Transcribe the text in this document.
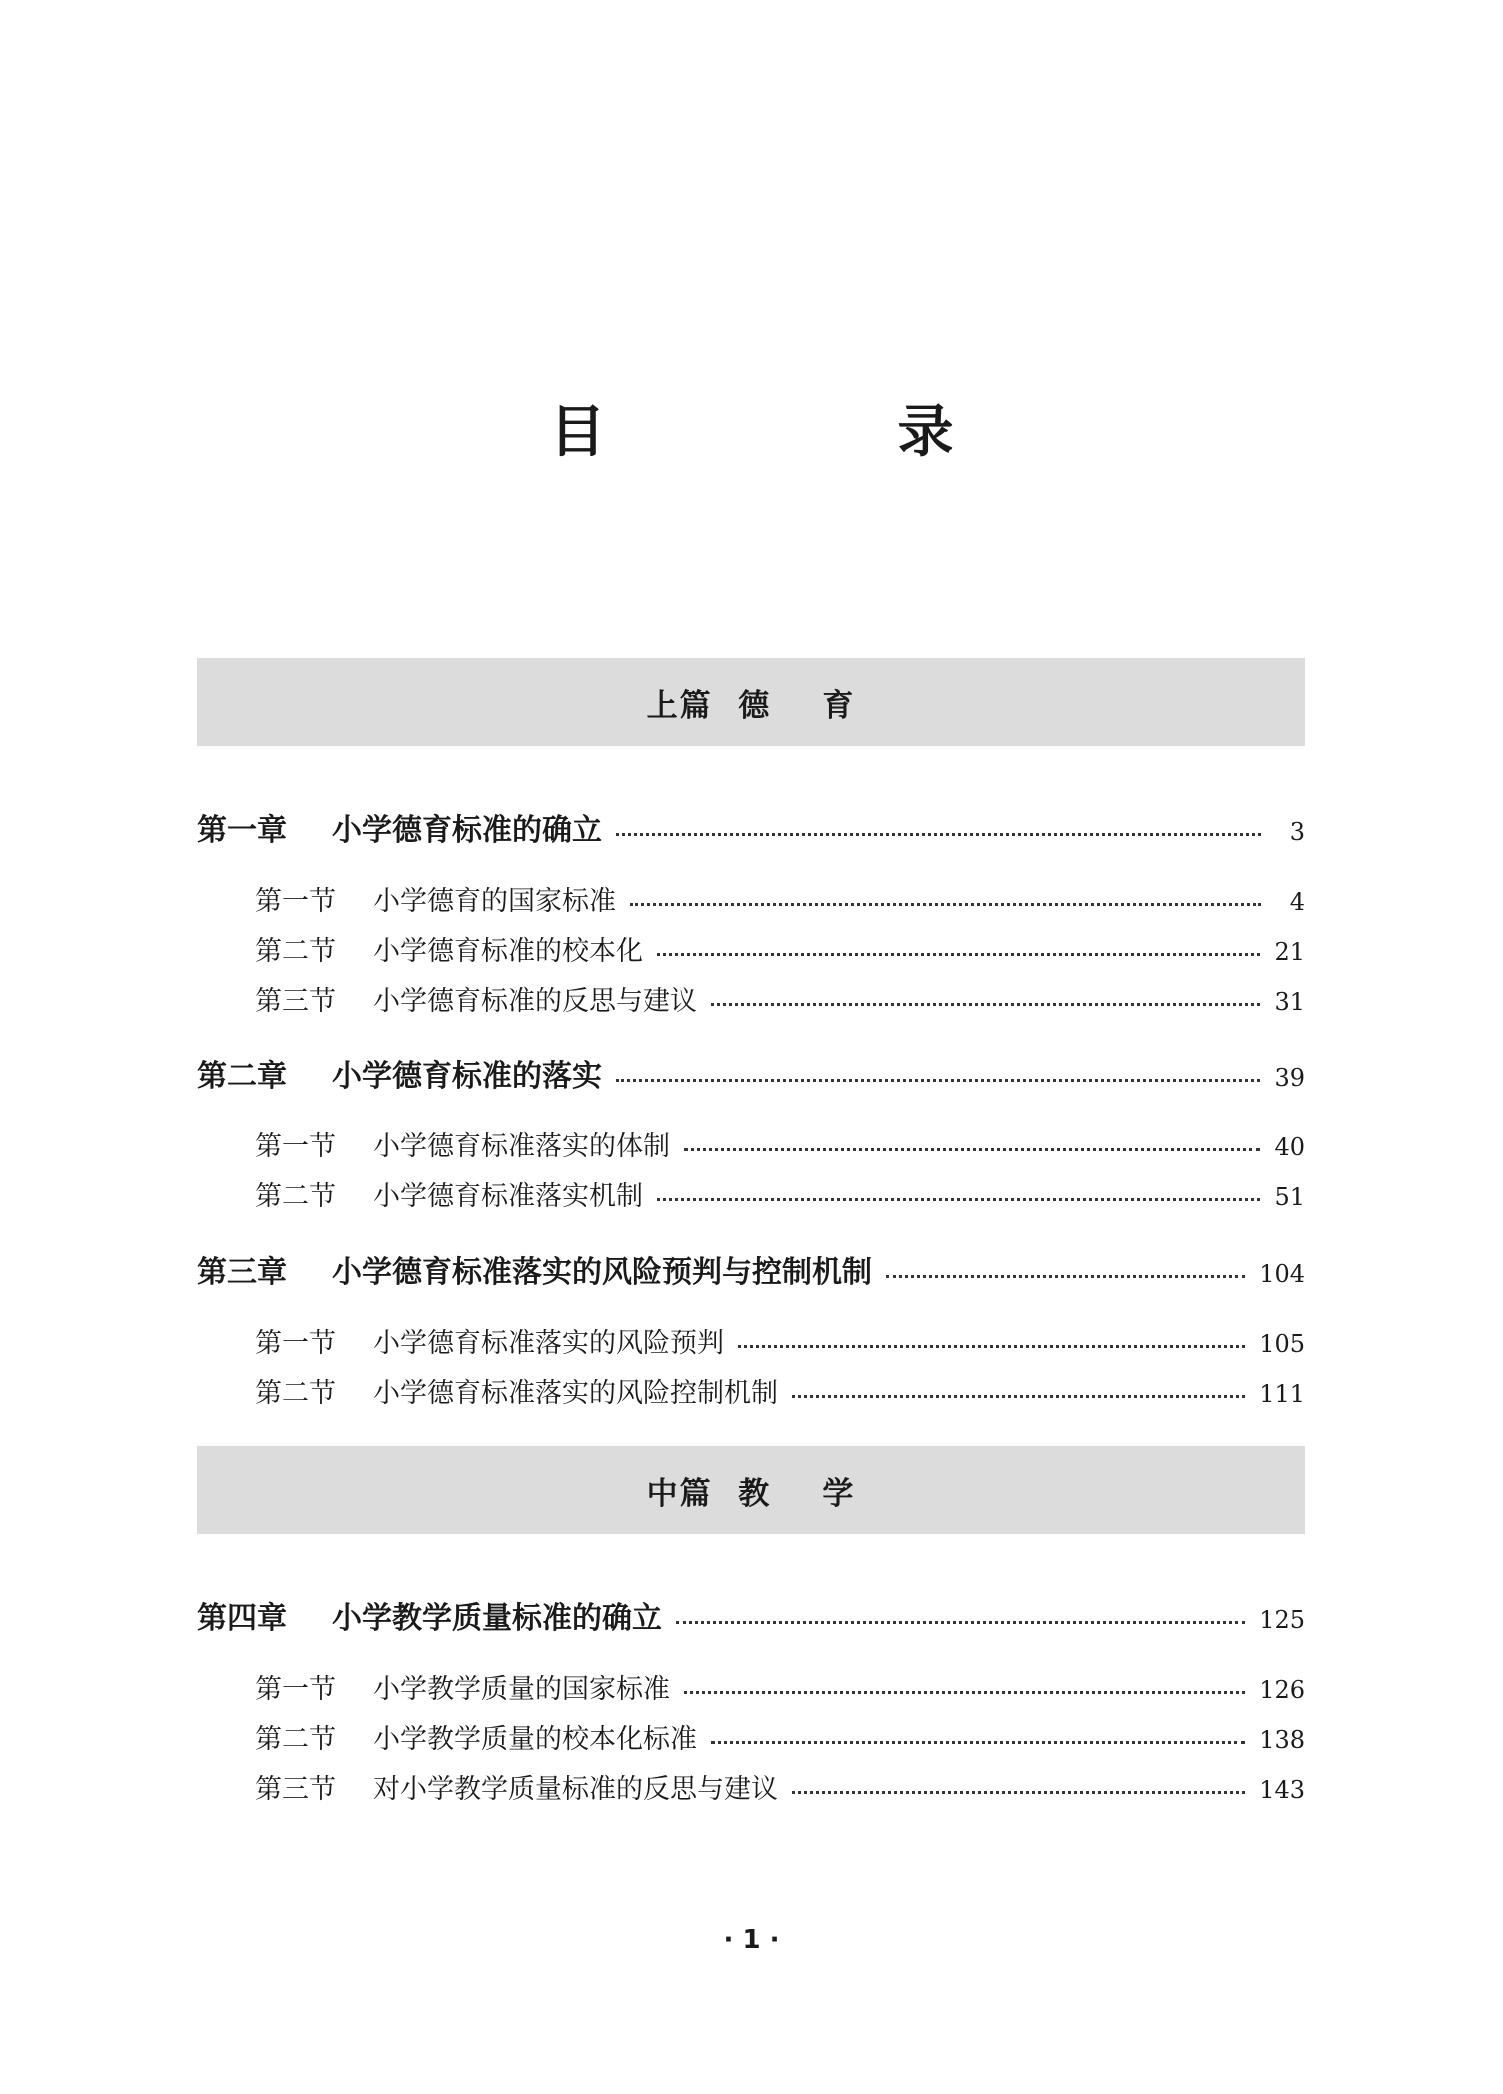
目　录
上篇  德    育
第一章	小学德育标准的确立	3
第一节	小学德育的国家标准	4
第二节	小学德育标准的校本化	21
第三节	小学德育标准的反思与建议	31
第二章	小学德育标准的落实	39
第一节	小学德育标准落实的体制	40
第二节	小学德育标准落实机制	51
第三章	小学德育标准落实的风险预判与控制机制	104
第一节	小学德育标准落实的风险预判	105
第二节	小学德育标准落实的风险控制机制	111
中篇  教    学
第四章	小学教学质量标准的确立	125
第一节	小学教学质量的国家标准	126
第二节	小学教学质量的校本化标准	138
第三节	对小学教学质量标准的反思与建议	143
· 1 ·
